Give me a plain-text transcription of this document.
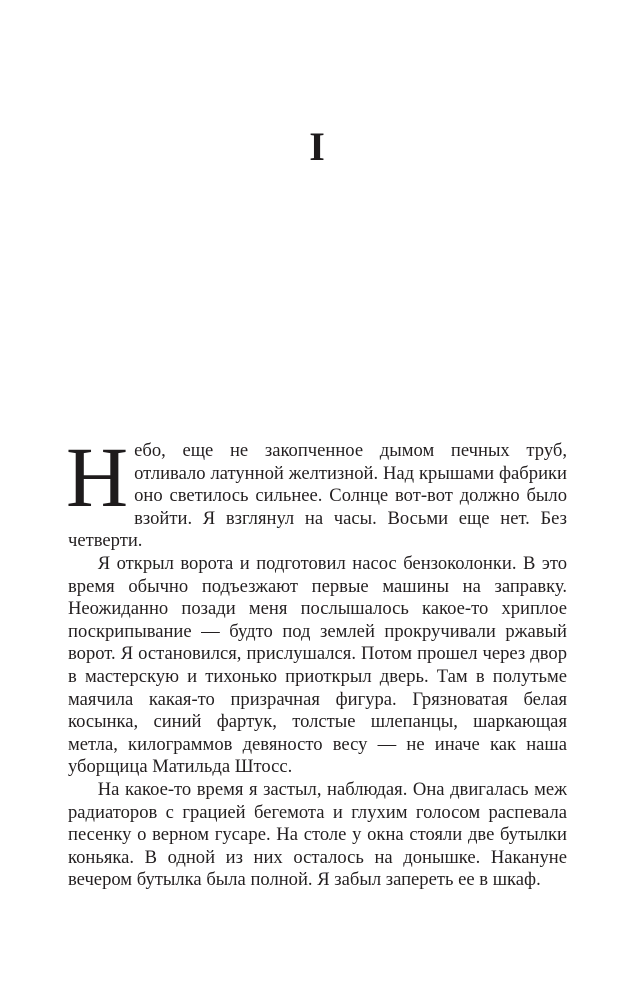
I

Небо, еще не закопченное дымом печных труб, отливало латунной желтизной. Над крышами фабрики оно светилось сильнее. Солнце вот-вот должно было взойти. Я взглянул на часы. Восьми еще нет. Без четверти.

Я открыл ворота и подготовил насос бензоколонки. В это время обычно подъезжают первые машины на заправку. Неожиданно позади меня послышалось какое-то хриплое поскрипывание — будто под землей прокручивали ржавый ворот. Я остановился, прислушался. Потом прошел через двор в мастерскую и тихонько приоткрыл дверь. Там в полутьме маячила какая-то призрачная фигура. Грязноватая белая косынка, синий фартук, толстые шлепанцы, шаркающая метла, килограммов девяносто весу — не иначе как наша уборщица Матильда Штосс.

На какое-то время я застыл, наблюдая. Она двигалась меж радиаторов с грацией бегемота и глухим голосом распевала песенку о верном гусаре. На столе у окна стояли две бутылки коньяка. В одной из них осталось на донышке. Накануне вечером бутылка была полной. Я забыл запереть ее в шкаф.
